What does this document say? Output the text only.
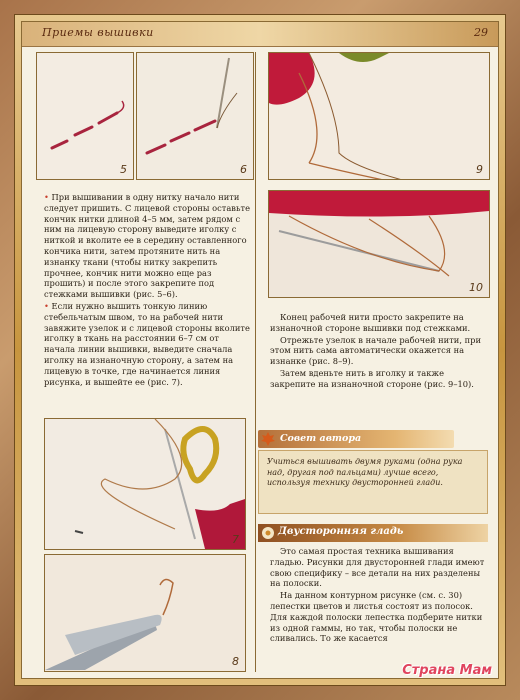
Приемы вышивки	29
5	6	9
10
7
8

• При вышивании в одну нитку начало нити следует пришить. С лицевой стороны оставьте кончик нитки длиной 4–5 мм, затем рядом с ним на лицевую сторону выведите иголку с ниткой и вколите ее в середину оставленного кончика нити, затем протяните нить на изнанку ткани (чтобы нитку закрепить прочнее, кончик нити можно еще раз прошить) и после этого закрепите под стежками вышивки (рис. 5–6).

• Если нужно вышить тонкую линию стебельчатым швом, то на рабочей нити завяжите узелок и с лицевой стороны вколите иголку в ткань на расстоянии 6–7 см от начала линии вышивки, выведите сначала иголку на изнаночную сторону, а затем на лицевую в точке, где начинается линия рисунка, и вышейте ее (рис. 7).

Конец рабочей нити просто закрепите на изнаночной стороне вышивки под стежками.

Отрежьте узелок в начале рабочей нити, при этом нить сама автоматически окажется на изнанке (рис. 8–9).

Затем вденьте нить в иголку и также закрепите на изнаночной стороне (рис. 9–10).

Совет автора
Учиться вышивать двумя руками (одна рука над, другая под пальцами) лучше всего, используя технику двусторонней глади.
Двусторонняя гладь

Это самая простая техника вышивания гладью. Рисунки для двусторонней глади имеют свою специфику – все детали на них разделены на полоски.

На данном контурном рисунке (см. с. 30) лепестки цветов и листья состоят из полосок. Для каждой полоски лепестка подберите нитки из одной гаммы, но так, чтобы полоски не сливались. То же касается

Страна Мам
